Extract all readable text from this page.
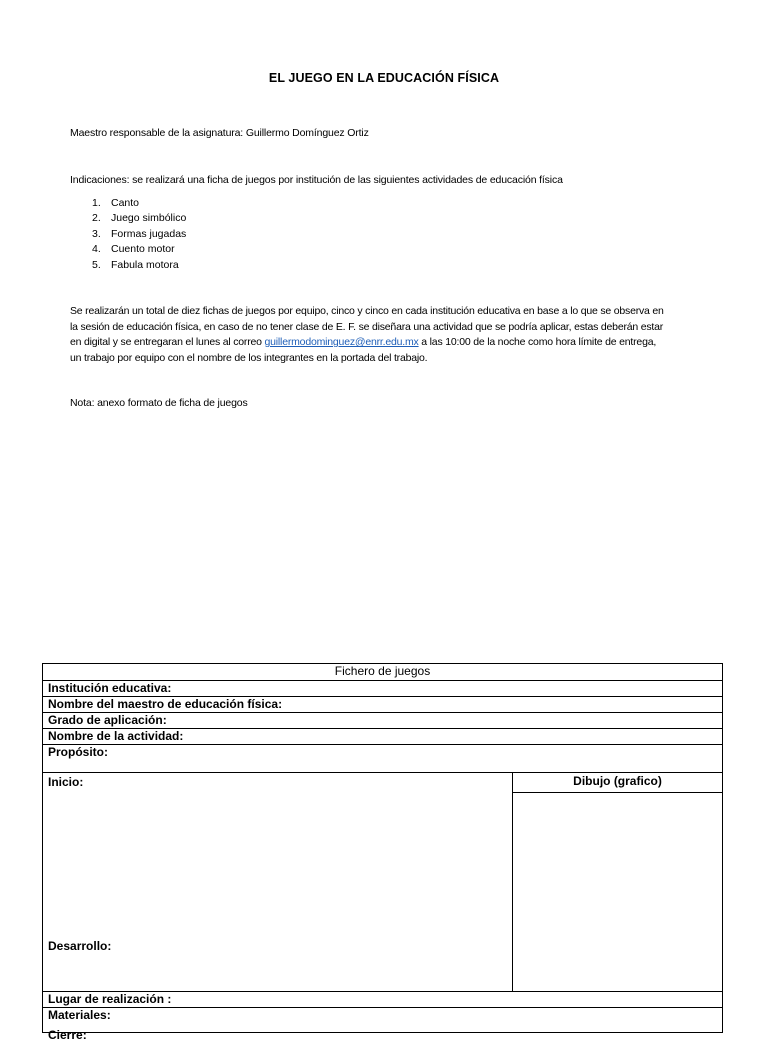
EL JUEGO EN LA EDUCACIÓN FÍSICA
Maestro responsable de la asignatura: Guillermo Domínguez Ortiz
Indicaciones: se realizará una ficha de juegos por institución de las siguientes actividades de educación física
1. Canto
2. Juego simbólico
3. Formas jugadas
4. Cuento motor
5. Fabula motora
Se realizarán un total de diez fichas de juegos por equipo, cinco y cinco en cada institución educativa en base a lo que se observa en
la sesión de educación física, en caso de no tener clase de E. F. se diseñara una actividad que se podría aplicar, estas deberán estar
en digital y se entregaran el lunes al correo guillermodominguez@enrr.edu.mx a las 10:00 de la noche como hora límite de entrega,
un trabajo por equipo con el nombre de los integrantes en la portada del trabajo.
Nota: anexo formato de ficha de juegos
Fichero de juegos
Institución educativa:
Nombre del maestro de educación física:
Grado de aplicación:
Nombre de la actividad:
Propósito:
Inicio:
Desarrollo:
Cierre:
Dibujo (grafico)
Lugar de realización :
Materiales:
